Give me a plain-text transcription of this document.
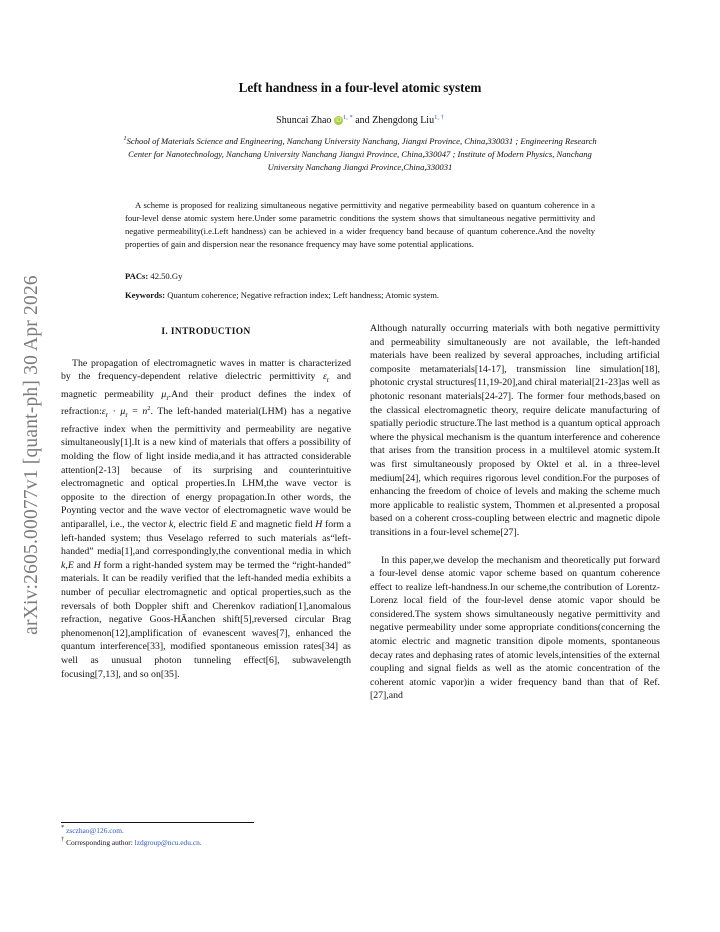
arXiv:2605.00077v1 [quant-ph] 30 Apr 2026
Left handness in a four-level atomic system
Shuncai Zhao $iD^{1, *}$ and Zhengdong Liu$^{1, \dagger}$
$^1$School of Materials Science and Engineering, Nanchang University Nanchang, Jiangxi Province, China,330031 ; Engineering Research Center for Nanotechnology, Nanchang University Nanchang Jiangxi Province, China,330047 ; Institute of Modern Physics, Nanchang University Nanchang Jiangxi Province,China,330031
A scheme is proposed for realizing simultaneous negative permittivity and negative permeability based on quantum coherence in a four-level dense atomic system here.Under some parametric conditions the system shows that simultaneous negative permittivity and negative permeability(i.e.Left handness) can be achieved in a wider frequency band because of quantum coherence.And the novelty properties of gain and dispersion near the resonance frequency may have some potential applications.
PACs: 42.50.Gy
Keywords: Quantum coherence; Negative refraction index; Left handness; Atomic system.
I. INTRODUCTION

The propagation of electromagnetic waves in matter is characterized by the frequency-dependent relative dielectric permittivity $\varepsilon_r$ and magnetic permeability $\mu_r.And$ their product defines the index of $refraction:\varepsilon_r \cdot \mu_r = n^2$. The left-handed material(LHM) has a negative refractive index when the permittivity and permeability are negative simultaneously[1].It is a new kind of materials that offers a possibility of molding the flow of light inside media,and it has attracted considerable attention[2-13] because of its surprising and counterintuitive electromagnetic and optical properties.In LHM,the wave vector is opposite to the direction of energy propagation.In other words, the Poynting vector and the wave vector of electromagnetic wave would be antiparallel, i.e., the vector k, electric field E and magnetic field H form a left-handed system; thus Veselago referred to such materials as“left-handed” media[1],and correspondingly,the conventional media in which k,E and H form a right-handed system may be termed the “right-handed” materials. It can be readily verified that the left-handed media exhibits a number of peculiar electromagnetic and optical properties,such as the reversals of both Doppler shift and Cherenkov radiation[1],anomalous refraction, negative Goos-HÃanchen shift[5],reversed circular Brag phenomenon[12],amplification of evanescent waves[7], enhanced the quantum interference[33], modified spontaneous emission rates[34] as well as unusual photon tunneling effect[6], subwavelength focusing[7,13], and so on[35].

Although naturally occurring materials with both negative permittivity and permeability simultaneously are not available, the left-handed materials have been realized by several approaches, including artificial composite metamaterials[14-17], transmission line simulation[18], photonic crystal structures[11,19-20],and chiral material[21-23]as well as photonic resonant materials[24-27]. The former four methods,based on the classical electromagnetic theory, require delicate manufacturing of spatially periodic structure.The last method is a quantum optical approach where the physical mechanism is the quantum interference and coherence that arises from the transition process in a multilevel atomic system.It was first simultaneously proposed by Oktel et al. in a three-level medium[24], which requires rigorous level condition.For the purposes of enhancing the freedom of choice of levels and making the scheme much more applicable to realistic system, Thommen et al.presented a proposal based on a coherent cross-coupling between electric and magnetic dipole transitions in a four-level scheme[27].

In this paper,we develop the mechanism and theoretically put forward a four-level dense atomic vapor scheme based on quantum coherence effect to realize left-handness.In our scheme,the contribution of Lorentz-Lorenz local field of the four-level dense atomic vapor should be considered.The system shows simultaneously negative permittivity and negative permeability under some appropriate conditions(concerning the atomic electric and magnetic transition dipole moments, spontaneous decay rates and dephasing rates of atomic levels,intensities of the external coupling and signal fields as well as the atomic concentration of the coherent atomic vapor)in a wider frequency band than that of Ref.[27],and

* zsczhao@126.com.
† Corresponding author: lzdgroup@ncu.edu.cn.
